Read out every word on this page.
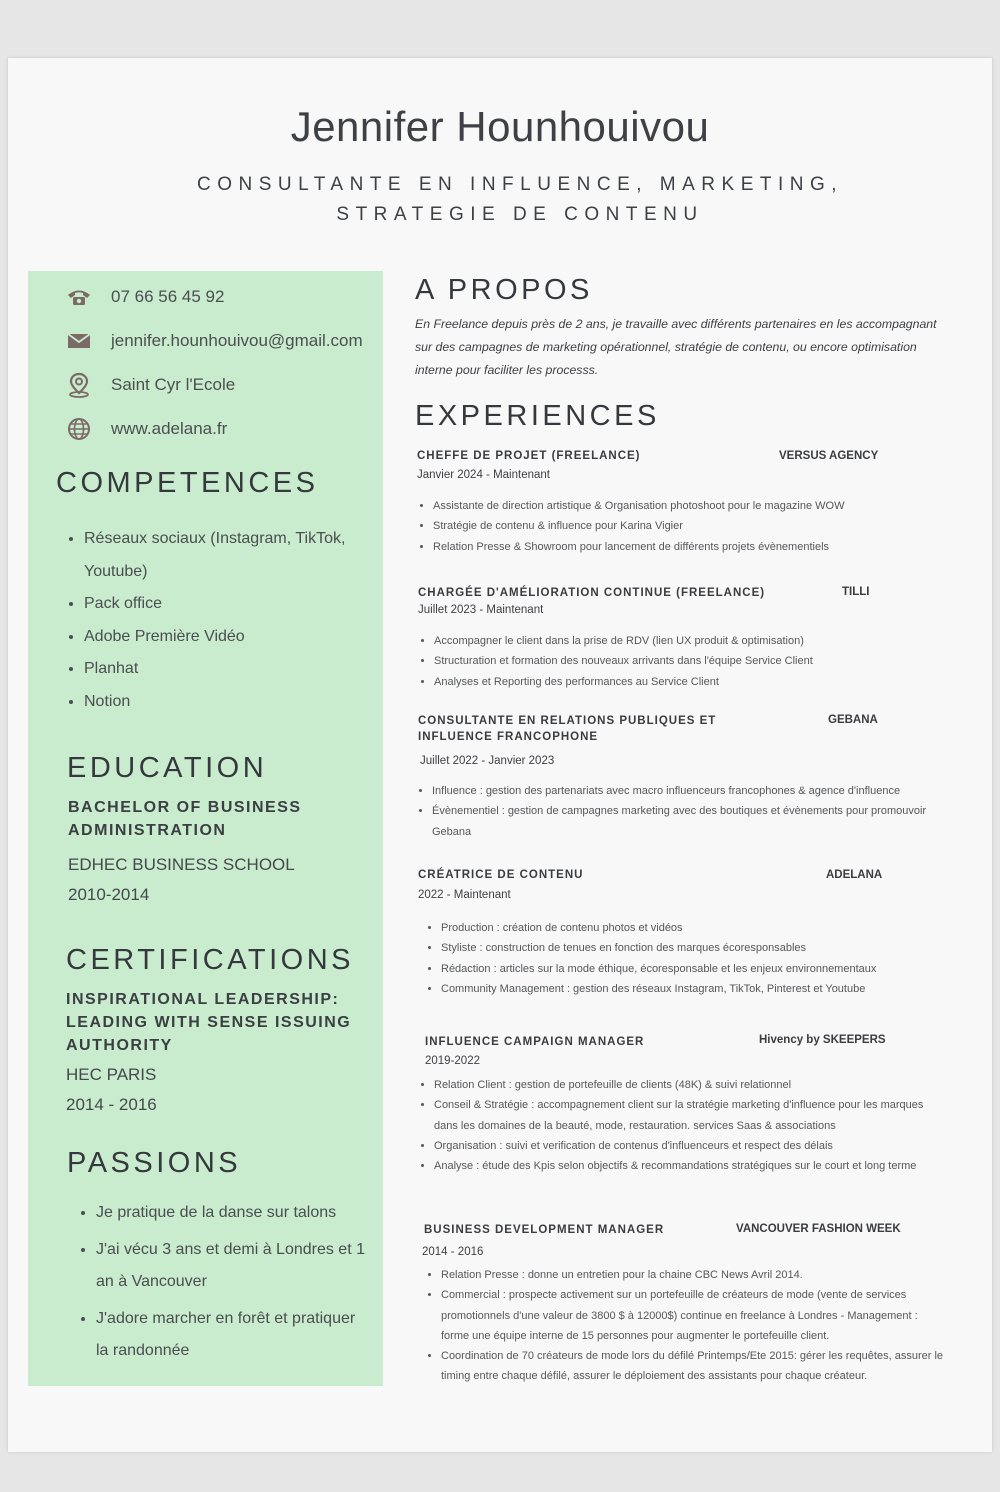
Jennifer Hounhouivou
CONSULTANTE EN INFLUENCE, MARKETING,
STRATEGIE DE CONTENU
07 66 56 45 92
jennifer.hounhouivou@gmail.com
Saint Cyr l'Ecole
www.adelana.fr
COMPETENCES
• Réseaux sociaux (Instagram, TikTok, Youtube)
• Pack office
• Adobe Première Vidéo
• Planhat
• Notion
EDUCATION
BACHELOR OF BUSINESS ADMINISTRATION
EDHEC BUSINESS SCHOOL
2010-2014
CERTIFICATIONS
INSPIRATIONAL LEADERSHIP: LEADING WITH SENSE ISSUING AUTHORITY
HEC PARIS
2014 - 2016
PASSIONS
• Je pratique de la danse sur talons
• J'ai vécu 3 ans et demi à Londres et 1 an à Vancouver
• J'adore marcher en forêt et pratiquer la randonnée
A PROPOS
En Freelance depuis près de 2 ans, je travaille avec différents partenaires en les accompagnant sur des campagnes de marketing opérationnel, stratégie de contenu, ou encore optimisation interne pour faciliter les processs.
EXPERIENCES
CHEFFE DE PROJET (FREELANCE)	VERSUS AGENCY
Janvier 2024 - Maintenant
• Assistante de direction artistique & Organisation photoshoot pour le magazine WOW
• Stratégie de contenu & influence pour Karina Vigier
• Relation Presse & Showroom pour lancement de différents projets évènementiels
CHARGÉE D'AMÉLIORATION CONTINUE (FREELANCE)	TILLI
Juillet 2023 - Maintenant
• Accompagner le client dans la prise de RDV (lien UX produit & optimisation)
• Structuration et formation des nouveaux arrivants dans l'équipe Service Client
• Analyses et Reporting des performances au Service Client
CONSULTANTE EN RELATIONS PUBLIQUES ET INFLUENCE FRANCOPHONE
GEBANA
Juillet 2022 - Janvier 2023
• Influence : gestion des partenariats avec macro influenceurs francophones & agence d'influence
• Évènementiel : gestion de campagnes marketing avec des boutiques et évènements pour promouvoir Gebana
CRÉATRICE DE CONTENU	ADELANA
2022 - Maintenant
• Production : création de contenu photos et vidéos
• Styliste : construction de tenues en fonction des marques écoresponsables
• Rédaction : articles sur la mode éthique, écoresponsable et les enjeux environnementaux
• Community Management : gestion des réseaux Instagram, TikTok, Pinterest et Youtube
INFLUENCE CAMPAIGN MANAGER	Hivency by SKEEPERS
2019-2022
• Relation Client : gestion de portefeuille de clients (48K) & suivi relationnel
• Conseil & Stratégie : accompagnement client sur la stratégie marketing d'influence pour les marques dans les domaines de la beauté, mode, restauration. services Saas & associations
• Organisation : suivi et verification de contenus d'influenceurs et respect des délais
• Analyse : étude des Kpis selon objectifs & recommandations stratégiques sur le court et long terme
BUSINESS DEVELOPMENT MANAGER	VANCOUVER FASHION WEEK
2014 - 2016
• Relation Presse : donne un entretien pour la chaine CBC News Avril 2014.
• Commercial : prospecte activement sur un portefeuille de créateurs de mode (vente de services promotionnels d'une valeur de 3800 $ à 12000$) continue en freelance à Londres - Management : forme une équipe interne de 15 personnes pour augmenter le portefeuille client.
• Coordination de 70 créateurs de mode lors du défilé Printemps/Ete 2015: gérer les requêtes, assurer le timing entre chaque défilé, assurer le déploiement des assistants pour chaque créateur.
